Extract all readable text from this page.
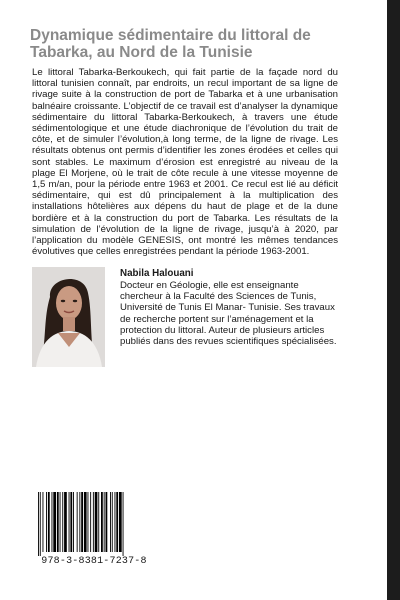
Dynamique sédimentaire du littoral de Tabarka, au Nord de la Tunisie

Le littoral Tabarka-Berkoukech, qui fait partie de la façade nord du littoral tunisien connaît, par endroits, un recul important de sa ligne de rivage suite à la construction de port de Tabarka et à une urbanisation balnéaire croissante. L’objectif de ce travail est d’analyser la dynamique sédimentaire du littoral Tabarka-Berkoukech, à travers une étude sédimentologique et une étude diachronique de l’évolution du trait de côte, et de simuler l’évolution,à long terme, de la ligne de rivage. Les résultats obtenus ont permis d’identifier les zones érodées et celles qui sont stables. Le maximum d’érosion est enregistré au niveau de la plage El Morjene, où le trait de côte recule à une vitesse moyenne de 1,5 m/an, pour la période entre 1963 et 2001. Ce recul est lié au déficit sédimentaire, qui est dû principalement à la multiplication des installations hôtelières aux dépens du haut de plage et de la dune bordière et à la construction du port de Tabarka. Les résultats de la simulation de l’évolution de la ligne de rivage, jusqu’à à 2020, par l’application du modèle GENESIS, ont montré les mêmes tendances évolutives que celles enregistrées pendant la période 1963-2001.

Nabila Halouani

Docteur en Géologie, elle est enseignante chercheur à la Faculté des Sciences de Tunis, Université de Tunis El Manar- Tunisie. Ses travaux de recherche portent sur l’aménagement et la protection du littoral. Auteur de plusieurs articles publiés dans des revues scientifiques spécialisées.

978-3-8381-7237-8
